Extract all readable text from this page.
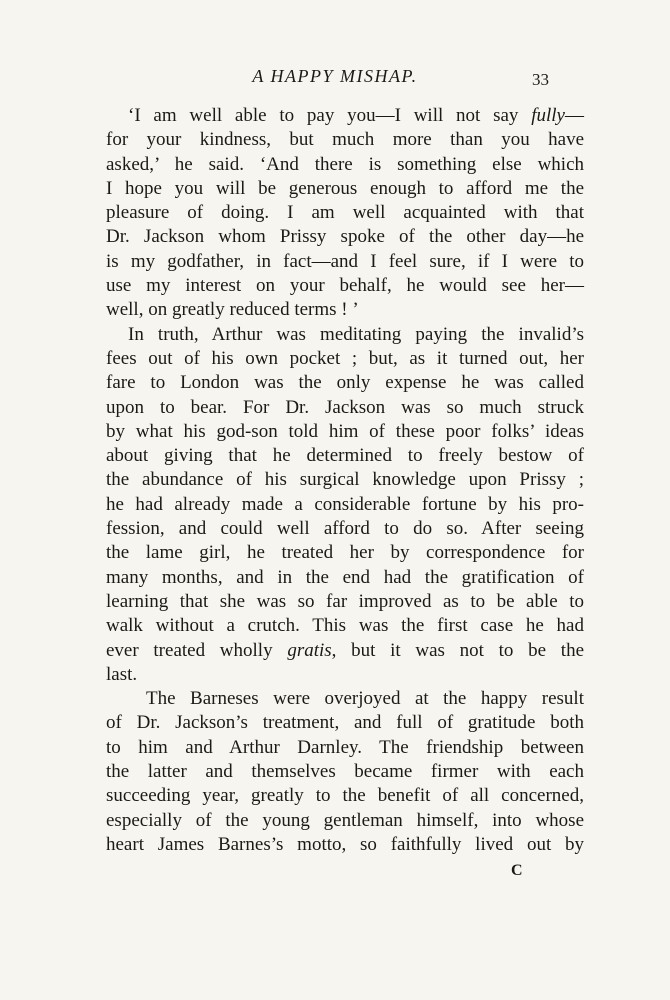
A HAPPY MISHAP.	33
‘I am well able to pay you—I will not say fully—
for your kindness, but much more than you have
asked,’ he said. ‘And there is something else which
I hope you will be generous enough to afford me the
pleasure of doing. I am well acquainted with that
Dr. Jackson whom Prissy spoke of the other day—he
is my godfather, in fact—and I feel sure, if I were to
use my interest on your behalf, he would see her—
well, on greatly reduced terms ! ’
In truth, Arthur was meditating paying the invalid’s
fees out of his own pocket ; but, as it turned out, her
fare to London was the only expense he was called
upon to bear. For Dr. Jackson was so much struck
by what his god-son told him of these poor folks’ ideas
about giving that he determined to freely bestow of
the abundance of his surgical knowledge upon Prissy ;
he had already made a considerable fortune by his pro-
fession, and could well afford to do so. After seeing
the lame girl, he treated her by correspondence for
many months, and in the end had the gratification of
learning that she was so far improved as to be able to
walk without a crutch. This was the first case he had
ever treated wholly gratis, but it was not to be the
last.
The Barneses were overjoyed at the happy result
of Dr. Jackson’s treatment, and full of gratitude both
to him and Arthur Darnley. The friendship between
the latter and themselves became firmer with each
succeeding year, greatly to the benefit of all concerned,
especially of the young gentleman himself, into whose
heart James Barnes’s motto, so faithfully lived out by
C
